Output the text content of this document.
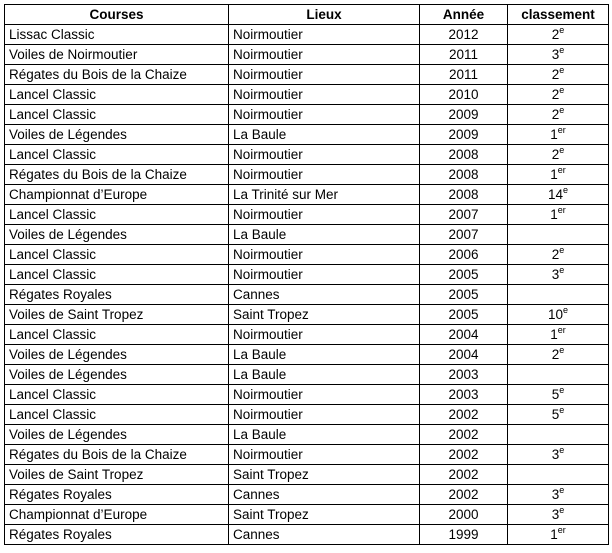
Courses	Lieux	Année	classement
Lissac Classic	Noirmoutier	2012	2e
Voiles de Noirmoutier	Noirmoutier	2011	3e
Régates du Bois de la Chaize	Noirmoutier	2011	2e
Lancel Classic	Noirmoutier	2010	2e
Lancel Classic	Noirmoutier	2009	2e
Voiles de Légendes	La Baule	2009	1er
Lancel Classic	Noirmoutier	2008	2e
Régates du Bois de la Chaize	Noirmoutier	2008	1er
Championnat d’Europe	La Trinité sur Mer	2008	14e
Lancel Classic	Noirmoutier	2007	1er
Voiles de Légendes	La Baule	2007	
Lancel Classic	Noirmoutier	2006	2e
Lancel Classic	Noirmoutier	2005	3e
Régates Royales	Cannes	2005	
Voiles de Saint Tropez	Saint Tropez	2005	10e
Lancel Classic	Noirmoutier	2004	1er
Voiles de Légendes	La Baule	2004	2e
Voiles de Légendes	La Baule	2003	
Lancel Classic	Noirmoutier	2003	5e
Lancel Classic	Noirmoutier	2002	5e
Voiles de Légendes	La Baule	2002	
Régates du Bois de la Chaize	Noirmoutier	2002	3e
Voiles de Saint Tropez	Saint Tropez	2002	
Régates Royales	Cannes	2002	3e
Championnat d’Europe	Saint Tropez	2000	3e
Régates Royales	Cannes	1999	1er
